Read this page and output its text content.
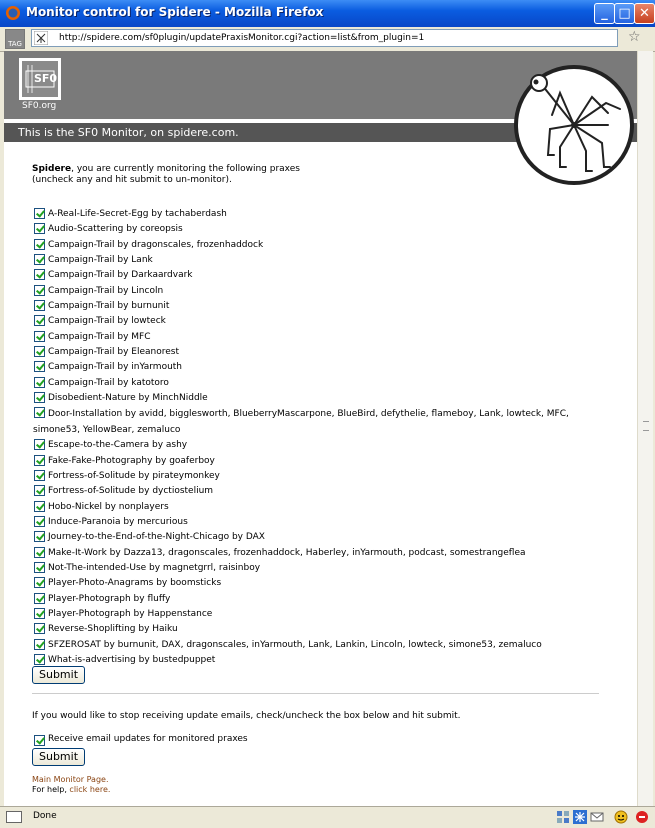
Monitor control for Spidere - Mozilla Firefox	_ □ ✕
TAG
http://spidere.com/sf0plugin/updatePraxisMonitor.cgi?action=list&from_plugin=1	☆
SF0
SF0.org
This is the SF0 Monitor, on spidere.com.
Spidere, you are currently monitoring the following praxes
(uncheck any and hit submit to un-monitor).
A-Real-Life-Secret-Egg by tachaberdash
Audio-Scattering by coreopsis
Campaign-Trail by dragonscales, frozenhaddock
Campaign-Trail by Lank
Campaign-Trail by Darkaardvark
Campaign-Trail by Lincoln
Campaign-Trail by burnunit
Campaign-Trail by lowteck
Campaign-Trail by MFC
Campaign-Trail by Eleanorest
Campaign-Trail by inYarmouth
Campaign-Trail by katotoro
Disobedient-Nature by MinchNiddle
Door-Installation by avidd, bigglesworth, BlueberryMascarpone, BlueBird, defythelie, flameboy, Lank, lowteck, MFC, simone53, YellowBear, zemaluco
Escape-to-the-Camera by ashy
Fake-Fake-Photography by goaferboy
Fortress-of-Solitude by pirateymonkey
Fortress-of-Solitude by dyctiostelium
Hobo-Nickel by nonplayers
Induce-Paranoia by mercurious
Journey-to-the-End-of-the-Night-Chicago by DAX
Make-It-Work by Dazza13, dragonscales, frozenhaddock, Haberley, inYarmouth, podcast, somestrangeflea
Not-The-intended-Use by magnetgrrl, raisinboy
Player-Photo-Anagrams by boomsticks
Player-Photograph by fluffy
Player-Photograph by Happenstance
Reverse-Shoplifting by Haiku
SFZEROSAT by burnunit, DAX, dragonscales, inYarmouth, Lank, Lankin, Lincoln, lowteck, simone53, zemaluco
What-is-advertising by bustedpuppet
Submit
If you would like to stop receiving update emails, check/uncheck the box below and hit submit.
Receive email updates for monitored praxes
Submit
Main Monitor Page.
For help, click here.
Done
